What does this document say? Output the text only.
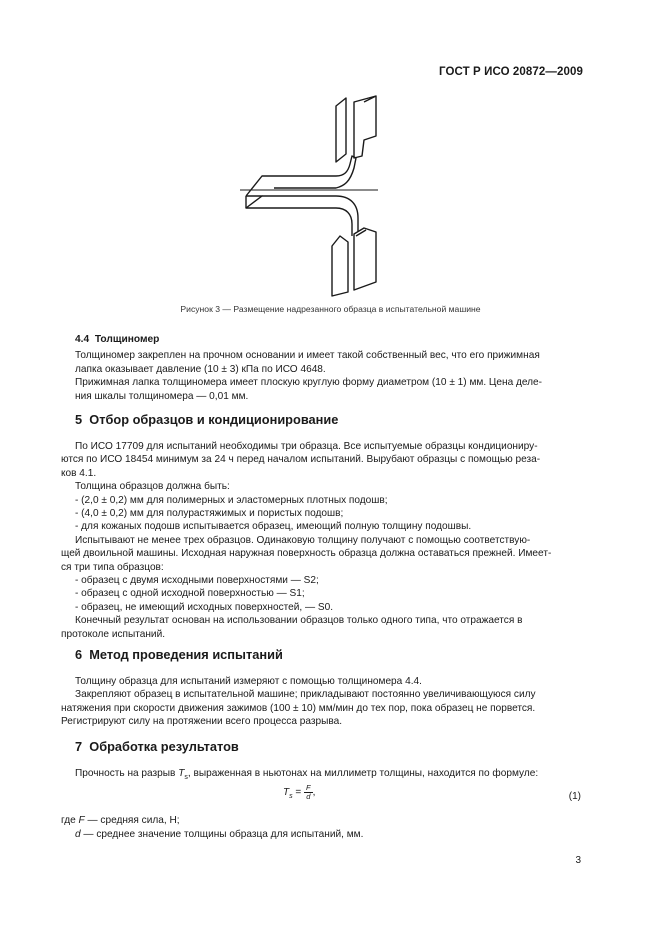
ГОСТ Р ИСО 20872—2009
Рисунок 3 — Размещение надрезанного образца в испытательной машине

4.4 Толщиномер

Толщиномер закреплен на прочном основании и имеет такой собственный вес, что его прижимная

лапка оказывает давление (10 ± 3) кПа по ИСО 4648.

Прижимная лапка толщиномера имеет плоскую круглую форму диаметром (10 ± 1) мм. Цена деле-

ния шкалы толщиномера — 0,01 мм.

5 Отбор образцов и кондиционирование

По ИСО 17709 для испытаний необходимы три образца. Все испытуемые образцы кондициониру-

ются по ИСО 18454 минимум за 24 ч перед началом испытаний. Вырубают образцы с помощью реза-

ков 4.1.

Толщина образцов должна быть:

- (2,0 ± 0,2) мм для полимерных и эластомерных плотных подошв;

- (4,0 ± 0,2) мм для полурастяжимых и пористых подошв;

- для кожаных подошв испытывается образец, имеющий полную толщину подошвы.

Испытывают не менее трех образцов. Одинаковую толщину получают с помощью соответствую-

щей двоильной машины. Исходная наружная поверхность образца должна оставаться прежней. Имеет-

ся три типа образцов:

- образец с двумя исходными поверхностями — S2;

- образец с одной исходной поверхностью — S1;

- образец, не имеющий исходных поверхностей, — S0.

Конечный результат основан на использовании образцов только одного типа, что отражается в

протоколе испытаний.

6 Метод проведения испытаний

Толщину образца для испытаний измеряют с помощью толщиномера 4.4.

Закрепляют образец в испытательной машине; прикладывают постоянно увеличивающуюся силу

натяжения при скорости движения зажимов (100 ± 10) мм/мин до тех пор, пока образец не порвется.

Регистрируют силу на протяжении всего процесса разрыва.

7 Обработка результатов

Прочность на разрыв $T_s$, выраженная в ньютонах на миллиметр толщины, находится по формуле:

$T_s = \frac{F}{d}$ ,	(1)

где F — средняя сила, Н;

d — среднее значение толщины образца для испытаний, мм.

3
